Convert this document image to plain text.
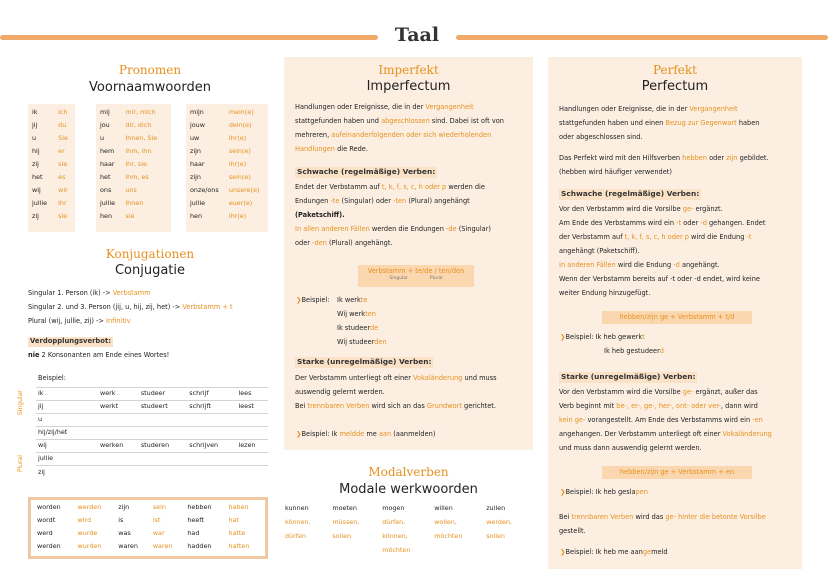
Taal
Pronomen
Voornaamwoorden
ik	ich
jij	du
u	Sie
hij	er
zij	sie
het	es
wij	wir
jullie	ihr
zij	sie
mij	mir, mich
jou	dir, dich
u	Ihnen, Sie
hem	ihm, ihn
haar	ihr, sie
het	ihm, es
ons	uns
jullie	ihnen
hen	sie
mijn	mein(e)
jouw	dein(e)
uw	Ihr(e)
zijn	sein(e)
haar	ihr(e)
zijn	sein(e)
onze/ons	unsere(e)
jullie	euer(e)
hen	ihr(e)
Konjugationen
Conjugatie
Singular 1. Person (ik) -> Verbstamm
Singular 2. und 3. Person (jij, u, hij, zij, het) -> Verbstamm + t
Plural (wij, jullie, zij) -> Infinitiv
Verdopplungsverbot:
nie 2 Konsonanten am Ende eines Wortes!
Beispiel:
Singular
Plural
ik	werk	studeer	schrijf	lees
jij	werkt	studeert	schrijft	leest
u				
hij/zij/het				
wij	werken	studeren	schrijven	lezen
jullie				
zij				
worden	werden	zijn	sein	hebben	haben
wordt	wird	is	ist	heeft	hat
werd	wurde	was	war	had	hatte
werden	wurden	waren	waren	hadden	hatten
Imperfekt
Imperfectum
Handlungen oder Ereignisse, die in der Vergangenheit
stattgefunden haben und abgeschlossen sind. Dabei ist oft von
mehreren, aufeinanderfolgenden oder sich wiederholenden
Handlungen die Rede.
Schwache (regelmäßige) Verben:
Endet der Verbstamm auf t, k, f, s, c, h oder p werden die
Endungen -te (Singular) oder -ten (Plural) angehängt
(Paketschiff).
In allen anderen Fällen werden die Endungen -de (Singular)
oder -den (Plural) angehängt.
Verbstamm + te/de / ten/den
Singular	Plural
❯Beispiel: Ik werkte
Wij werkten
Ik studeerde
Wij studeerden
Starke (unregelmäßige) Verben:
Der Verbstamm unterliegt oft einer Vokaländerung und muss
auswendig gelernt werden.
Bei trennbaren Verben wird sich an das Grundwort gerichtet.
❯Beispiel: Ik meldde me aan (aanmelden)
Modalverben
Modale werkwoorden
kunnen	moeten	mogen	willen	zullen
können,	müssen,	dürfen,	wollen,	werden,
dürfen	sollen	können,	möchten	sollen
		möchten		
Perfekt
Perfectum
Handlungen oder Ereignisse, die in der Vergangenheit
stattgefunden haben und einen Bezug zur Gegenwart haben
oder abgeschlossen sind.
Das Perfekt wird mit den Hilfsverben hebben oder zijn gebildet.
(hebben wird häufiger verwendet)
Schwache (regelmäßige) Verben:
Vor den Verbstamm wird die Vorsilbe ge- ergänzt.
Am Ende des Verbstamms wird ein -t oder -d gehangen. Endet
der Verbstamm auf t, k, f, s, c, h oder p wird die Endung -t
angehängt (Paketschiff).
In anderen Fällen wird die Endung -d angehängt.
Wenn der Verbstamm bereits auf -t oder -d endet, wird keine
weiter Endung hinzugefügt.
hebben/zijn ge + Verbstamm + t/d
❯Beispiel: Ik heb gewerkt
Ik heb gestudeerd
Starke (unregelmäßige) Verben:
Vor den Verbstamm wird die Vorsilbe ge- ergänzt, außer das
Verb beginnt mit be-, er-, ge-, her-, ont- oder ver-, dann wird
kein ge- vorangestellt. Am Ende des Verbstamms wird ein -en
angehangen. Der Verbstamm unterliegt oft einer Vokaländerung
und muss dann auswendig gelernt werden.
hebben/zijn ge + Verbstamm + en
❯Beispiel: Ik heb geslapen
Bei trennbaren Verben wird das ge- hinter die betonte Vorsilbe
gestellt.
❯Beispiel: Ik heb me aangemeld
